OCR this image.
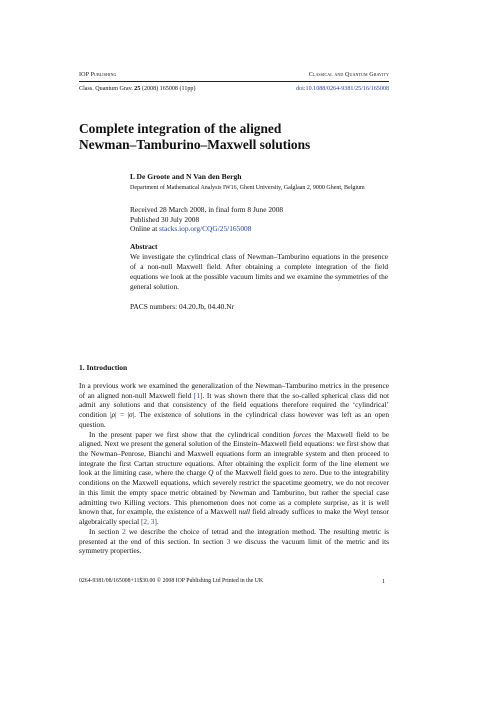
IOP Publishing	Classical and Quantum Gravity
Class. Quantum Grav. 25 (2008) 165008 (11pp)	doi:10.1088/0264-9381/25/16/165008
Complete integration of the aligned
Newman–Tamburino–Maxwell solutions
L De Groote and N Van den Bergh
Department of Mathematical Analysis IW16, Ghent University, Galglaan 2, 9000 Ghent, Belgium
Received 28 March 2008, in final form 8 June 2008
Published 30 July 2008
Online at stacks.iop.org/CQG/25/165008
Abstract
We investigate the cylindrical class of Newman–Tamburino equations in the presence of a non-null Maxwell field. After obtaining a complete integration of the field equations we look at the possible vacuum limits and we examine the symmetries of the general solution.
PACS numbers: 04.20.Jb, 04.40.Nr
1. Introduction

In a previous work we examined the generalization of the Newman–Tamburino metrics in the presence of an aligned non-null Maxwell field [1]. It was shown there that the so-called spherical class did not admit any solutions and that consistency of the field equations therefore required the ‘cylindrical’ condition |ρ| = |σ|. The existence of solutions in the cylindrical class however was left as an open question.

In the present paper we first show that the cylindrical condition forces the Maxwell field to be aligned. Next we present the general solution of the Einstein–Maxwell field equations: we first show that the Newman–Penrose, Bianchi and Maxwell equations form an integrable system and then proceed to integrate the first Cartan structure equations. After obtaining the explicit form of the line element we look at the limiting case, where the charge Q of the Maxwell field goes to zero. Due to the integrability conditions on the Maxwell equations, which severely restrict the spacetime geometry, we do not recover in this limit the empty space metric obtained by Newman and Tamburino, but rather the special case admitting two Killing vectors. This phenomenon does not come as a complete surprise, as it is well known that, for example, the existence of a Maxwell null field already suffices to make the Weyl tensor algebraically special [2, 3].

In section 2 we describe the choice of tetrad and the integration method. The resulting metric is presented at the end of this section. In section 3 we discuss the vacuum limit of the metric and its symmetry properties.

0264-9381/08/165008+11$30.00 © 2008 IOP Publishing Ltd Printed in the UK	1
